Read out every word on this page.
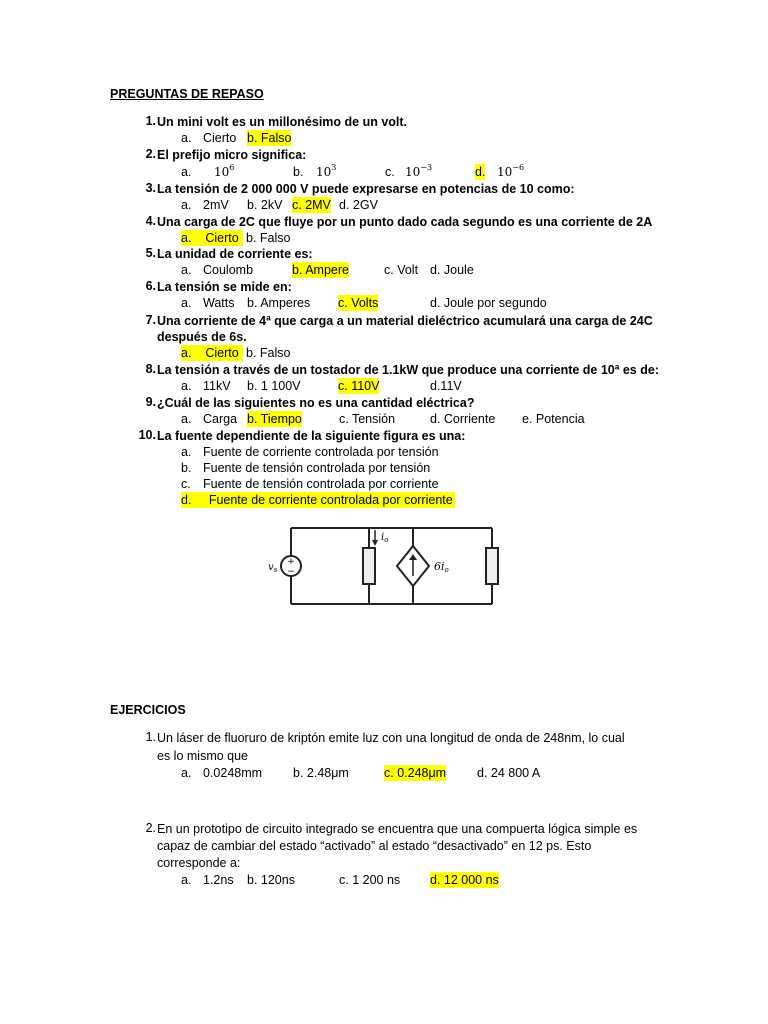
PREGUNTAS DE REPASO
1. Un mini volt es un millonésimo de un volt.
a. Cierto b. Falso
2. El prefijo micro significa:
a. $10^6$	b. $10^3$	c. $10^{-3}$	d. $10^{-6}$
3. La tensión de 2 000 000 V puede expresarse en potencias de 10 como:
a. 2mV b. 2kV c. 2MV d. 2GV
4. Una carga de 2C que fluye por un punto dado cada segundo es una corriente de 2A
a. Cierto b. Falso
5. La unidad de corriente es:
a. Coulomb	b. Ampere	c. Volt d. Joule
6. La tensión se mide en:
a. Watts b. Amperes c. Volts	d. Joule por segundo
7. Una corriente de 4ª que carga a un material dieléctrico acumulará una carga de 24C
después de 6s.
a. Cierto b. Falso
8. La tensión a través de un tostador de 1.1kW que produce una corriente de 10ª es de:
a. 11kV b. 1 100V	c. 110V	d.11V
9. ¿Cuál de las siguientes no es una cantidad eléctrica?
a. Carga b. Tiempo	c. Tensión	d. Corriente e. Potencia
10. La fuente dependiente de la siguiente figura es una:
a. Fuente de corriente controlada por tensión
b. Fuente de tensión controlada por tensión
c. Fuente de tensión controlada por corriente
d. Fuente de corriente controlada por corriente
+
−
$v_s$
$i_o$
6io
EJERCICIOS
1. Un láser de fluoruro de kriptón emite luz con una longitud de onda de 248nm, lo cual
es lo mismo que
a. 0.0248mm b. 2.48μm	c. 0.248μm d. 24 800 A
2. En un prototipo de circuito integrado se encuentra que una compuerta lógica simple es
capaz de cambiar del estado “activado” al estado “desactivado” en 12 ps. Esto
corresponde a:
a. 1.2ns b. 120ns	c. 1 200 ns d. 12 000 ns
